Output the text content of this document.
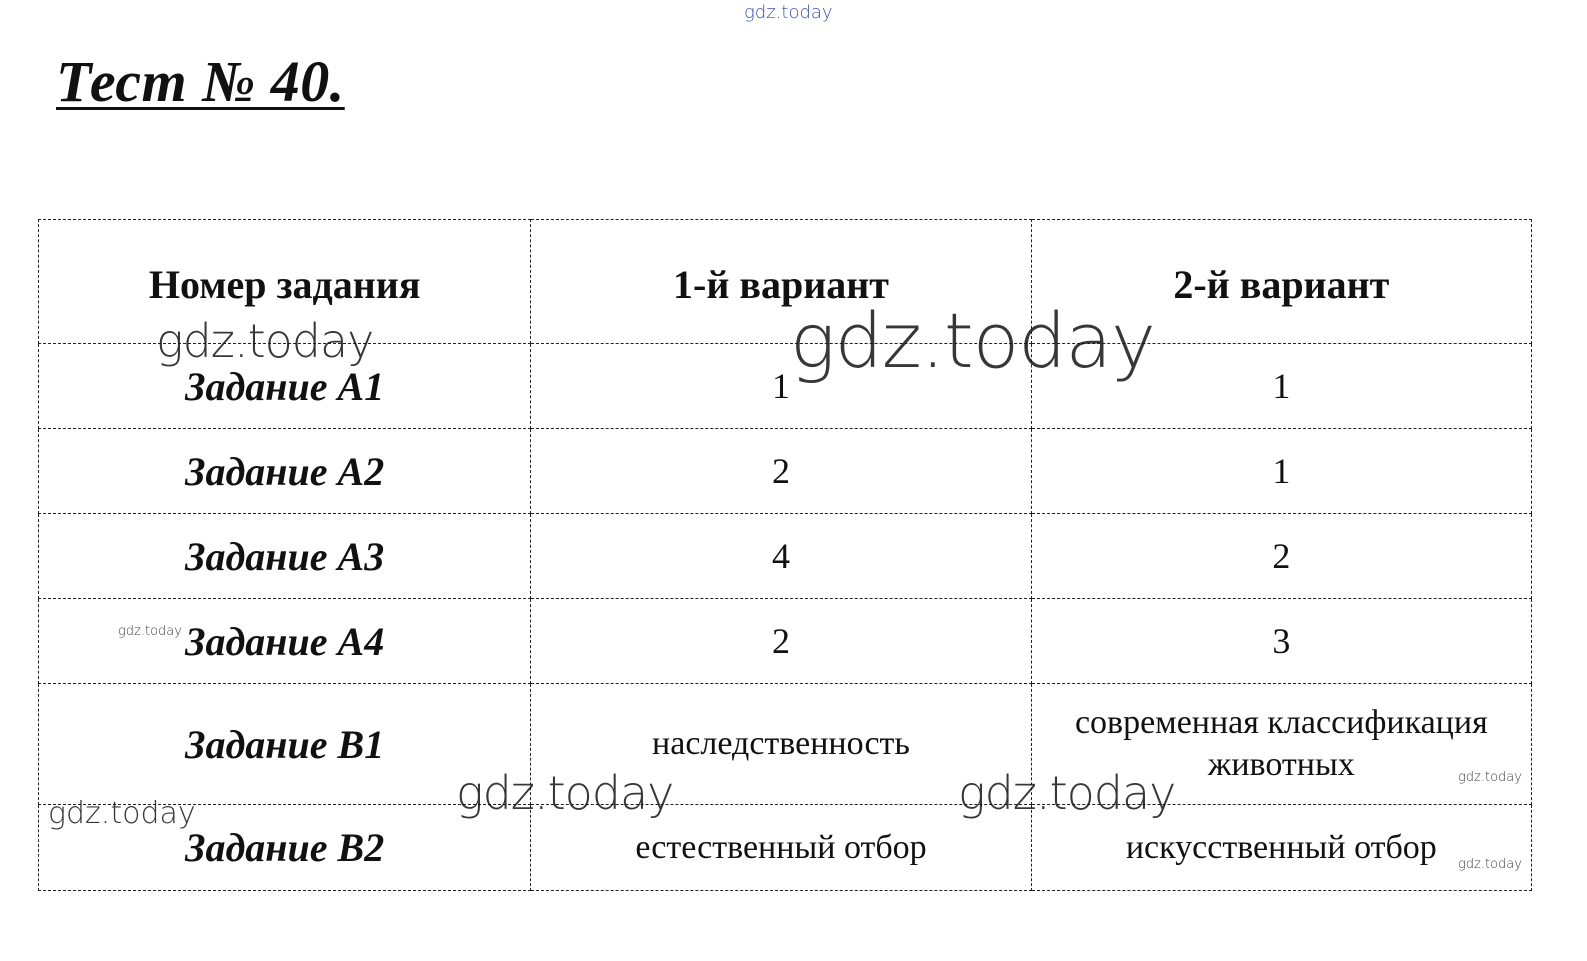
Тест № 40.
Номер задания	1-й вариант	2-й вариант
Задание А1	1	1
Задание А2	2	1
Задание А3	4	2
Задание А4	2	3
Задание В1	наследственность	современная классификация животных
Задание В2	естественный отбор	искусственный отбор
gdz.today
gdz.today
gdz.today
gdz.today	gdz.today
gdz.today
gdz.today
gdz.today
gdz.today
